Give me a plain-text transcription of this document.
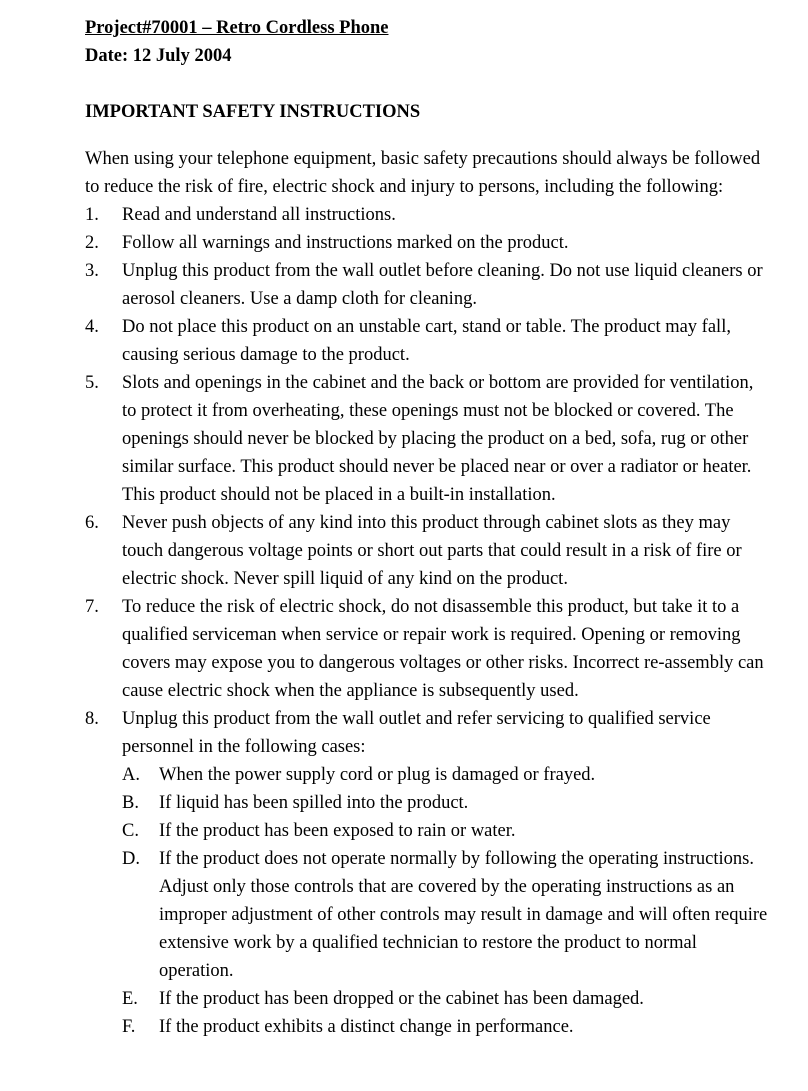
Project#70001 – Retro Cordless Phone

Date: 12 July 2004

IMPORTANT SAFETY INSTRUCTIONS

When using your telephone equipment, basic safety precautions should always be followed to reduce the risk of fire, electric shock and injury to persons, including the following:

1. Read and understand all instructions.
2. Follow all warnings and instructions marked on the product.
3. Unplug this product from the wall outlet before cleaning. Do not use liquid cleaners or aerosol cleaners. Use a damp cloth for cleaning.
4. Do not place this product on an unstable cart, stand or table. The product may fall, causing serious damage to the product.
5. Slots and openings in the cabinet and the back or bottom are provided for ventilation, to protect it from overheating, these openings must not be blocked or covered. The openings should never be blocked by placing the product on a bed, sofa, rug or other similar surface. This product should never be placed near or over a radiator or heater. This product should not be placed in a built-in installation.
6. Never push objects of any kind into this product through cabinet slots as they may touch dangerous voltage points or short out parts that could result in a risk of fire or electric shock. Never spill liquid of any kind on the product.
7. To reduce the risk of electric shock, do not disassemble this product, but take it to a qualified serviceman when service or repair work is required. Opening or removing covers may expose you to dangerous voltages or other risks. Incorrect re-assembly can cause electric shock when the appliance is subsequently used.
8. Unplug this product from the wall outlet and refer servicing to qualified service personnel in the following cases:
A. When the power supply cord or plug is damaged or frayed.
B. If liquid has been spilled into the product.
C. If the product has been exposed to rain or water.
D. If the product does not operate normally by following the operating instructions. Adjust only those controls that are covered by the operating instructions as an improper adjustment of other controls may result in damage and will often require extensive work by a qualified technician to restore the product to normal operation.
E. If the product has been dropped or the cabinet has been damaged.
F. If the product exhibits a distinct change in performance.
